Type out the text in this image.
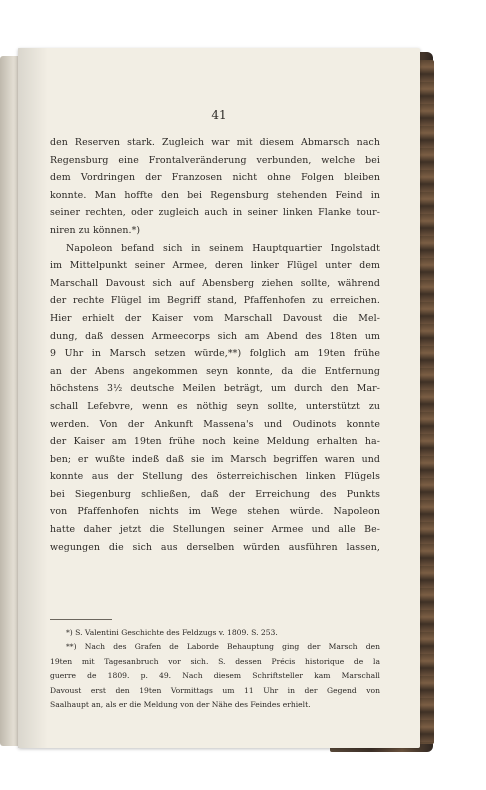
41
den Reserven stark. Zugleich war mit diesem Abmarsch nach
Regensburg eine Frontalveränderung verbunden, welche bei
dem Vordringen der Franzosen nicht ohne Folgen bleiben
konnte. Man hoffte den bei Regensburg stehenden Feind in
seiner rechten, oder zugleich auch in seiner linken Flanke tour-
niren zu können.*)
Napoleon befand sich in seinem Hauptquartier Ingolstadt
im Mittelpunkt seiner Armee, deren linker Flügel unter dem
Marschall Davoust sich auf Abensberg ziehen sollte, während
der rechte Flügel im Begriff stand, Pfaffenhofen zu erreichen.
Hier erhielt der Kaiser vom Marschall Davoust die Mel-
dung, daß dessen Armeecorps sich am Abend des 18ten um
9 Uhr in Marsch setzen würde,**) folglich am 19ten frühe
an der Abens angekommen seyn konnte, da die Entfernung
höchstens 3½ deutsche Meilen beträgt, um durch den Mar-
schall Lefebvre, wenn es nöthig seyn sollte, unterstützt zu
werden. Von der Ankunft Massena's und Oudinots konnte
der Kaiser am 19ten frühe noch keine Meldung erhalten ha-
ben; er wußte indeß daß sie im Marsch begriffen waren und
konnte aus der Stellung des österreichischen linken Flügels
bei Siegenburg schließen, daß der Erreichung des Punkts
von Pfaffenhofen nichts im Wege stehen würde. Napoleon
hatte daher jetzt die Stellungen seiner Armee und alle Be-
wegungen die sich aus derselben würden ausführen lassen,
*) S. Valentini Geschichte des Feldzugs v. 1809. S. 253.
**) Nach des Grafen de Laborde Behauptung ging der Marsch den
19ten mit Tagesanbruch vor sich. S. dessen Précis historique de la
guerre de 1809. p. 49. Nach diesem Schriftsteller kam Marschall
Davoust erst den 19ten Vormittags um 11 Uhr in der Gegend von
Saalhaupt an, als er die Meldung von der Nähe des Feindes erhielt.
